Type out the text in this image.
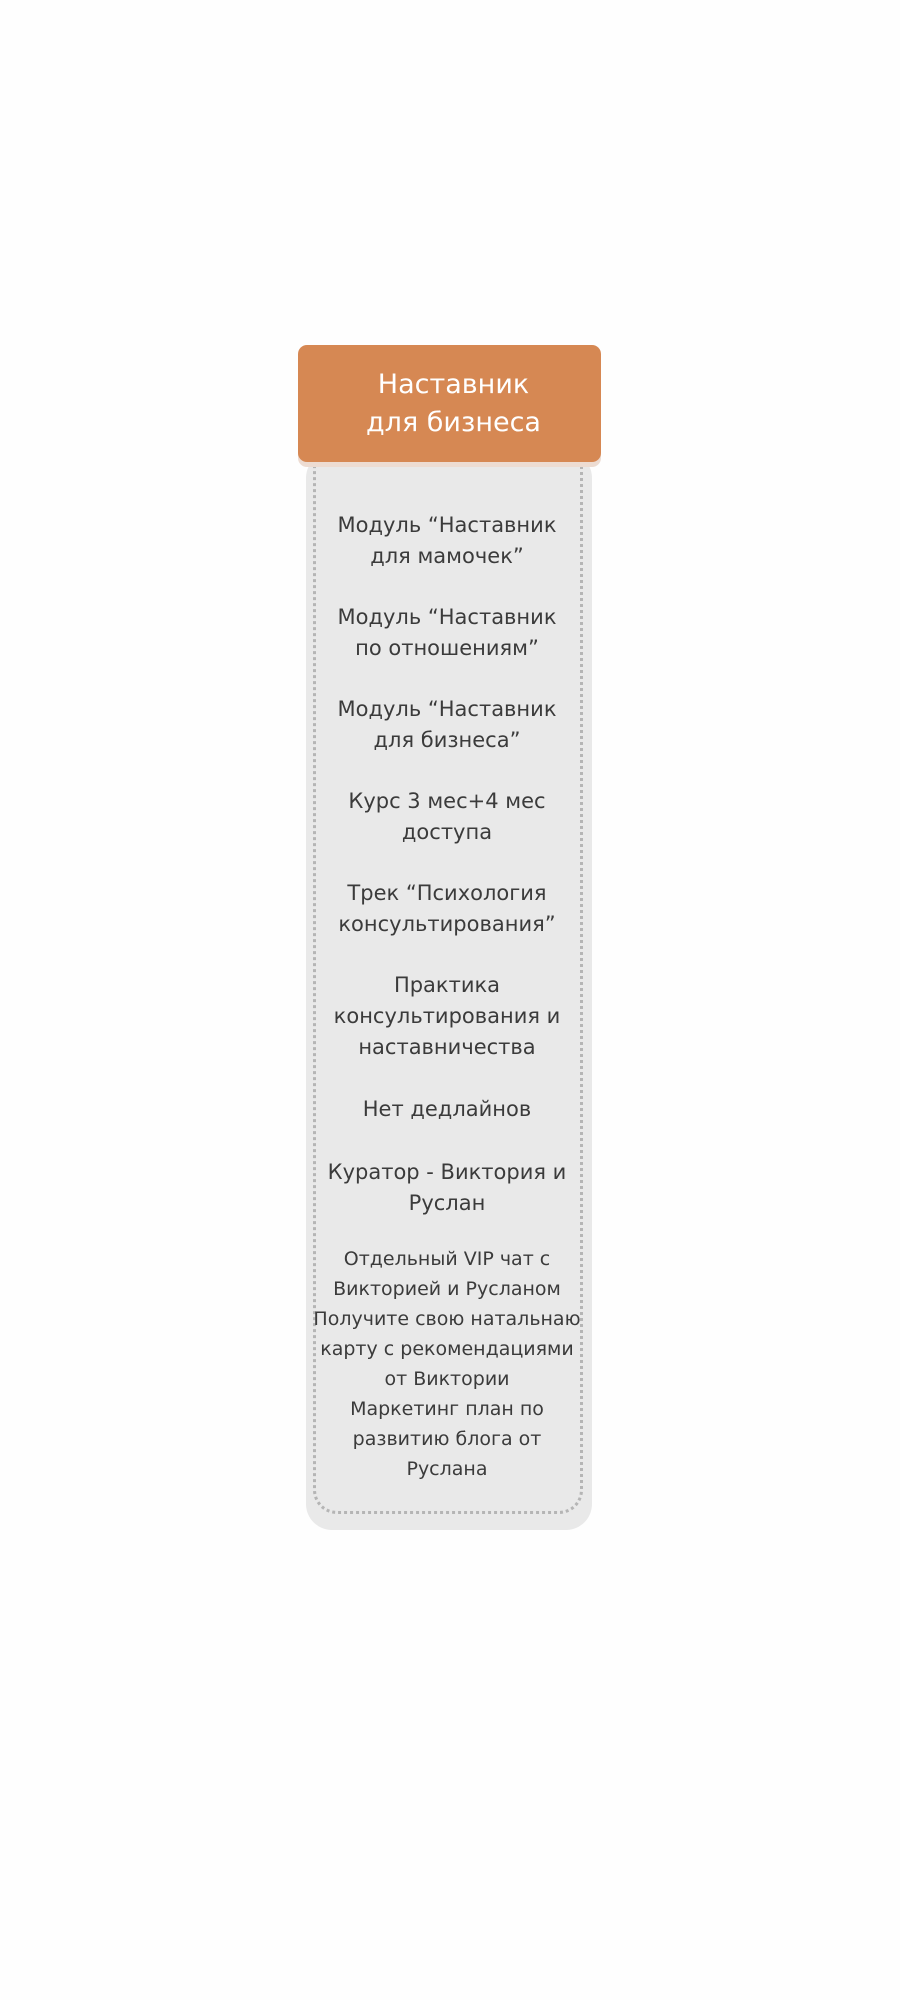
Наставник
для бизнеса
Модуль “Наставник
для мамочек”
Модуль “Наставник
по отношениям”
Модуль “Наставник
для бизнеса”
Курс 3 мес+4 мес
доступа
Трек “Психология
консультирования”
Практика
консультирования и
наставничества
Нет дедлайнов
Куратор - Виктория и
Руслан
Отдельный VIP чат с
Викторией и Русланом
Получите свою натальнаю
карту с рекомендациями
от Виктории
Маркетинг план по
развитию блога от
Руслана
